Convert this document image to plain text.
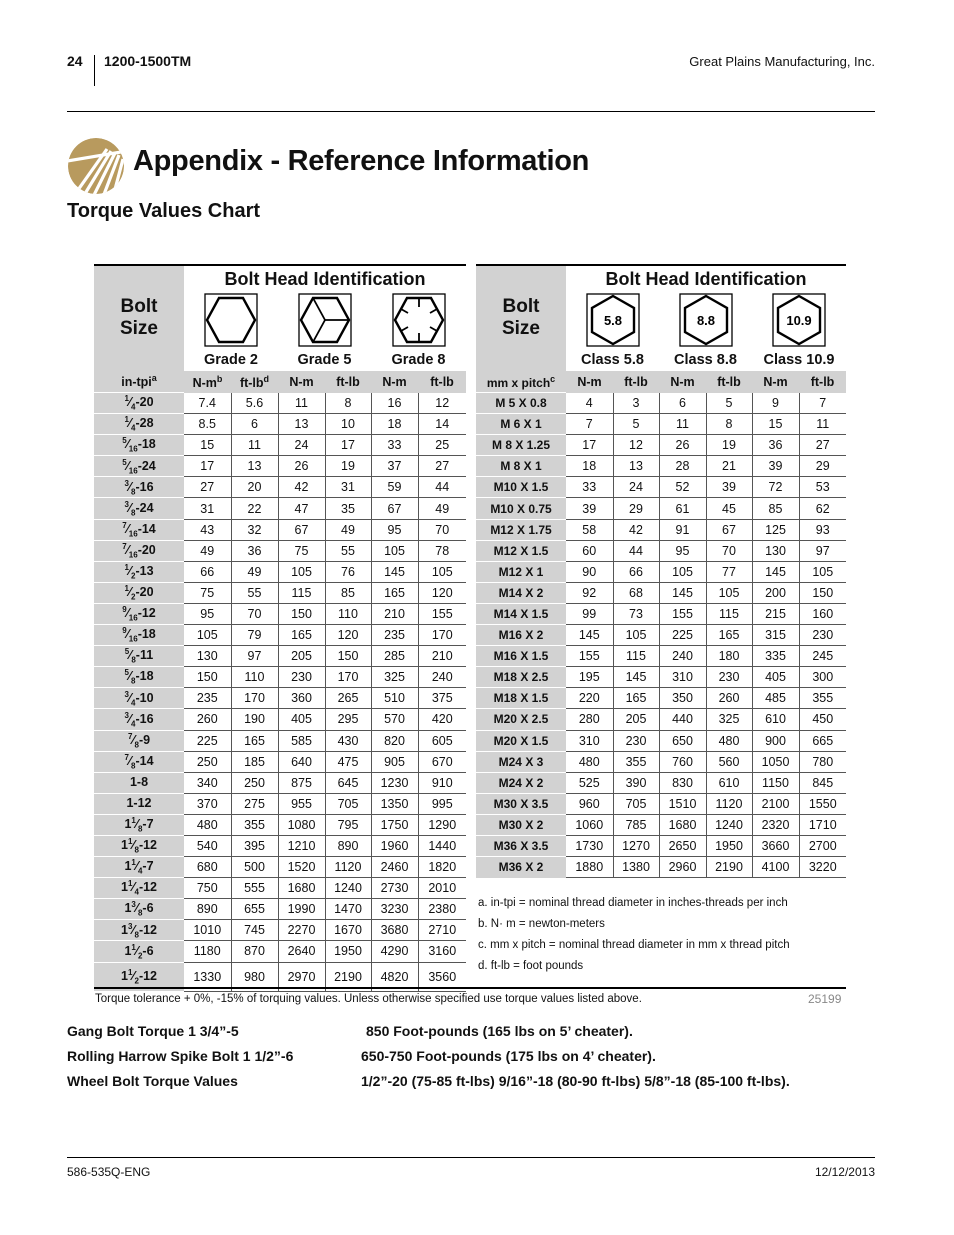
24 1200-1500TM	Great Plains Manufacturing, Inc.
Appendix - Reference Information
Torque Values Chart
Bolt Size	Bolt Head Identification					

	Grade 2		Grade 5		Grade 8	

in-tpi$^a$	N-m$^b$	ft-lb$^d$	N-m	ft-lb	N-m	ft-lb
$^1⁄_4-20$	7.4	5.6	11	8	16	12
$^1⁄_4-28$	8.5	6	13	10	18	14
$^5⁄_{16}-18$	15	11	24	17	33	25
$^5⁄_{16}-24$	17	13	26	19	37	27
$^3⁄_8-16$	27	20	42	31	59	44
$^3⁄_8-24$	31	22	47	35	67	49
$^7⁄_{16}-14$	43	32	67	49	95	70
$^7⁄_{16}-20$	49	36	75	55	105	78
$^1⁄_2-13$	66	49	105	76	145	105
$^1⁄_2-20$	75	55	115	85	165	120
$^9⁄_{16}-12$	95	70	150	110	210	155
$^9⁄_{16}-18$	105	79	165	120	235	170
$^5⁄_8-11$	130	97	205	150	285	210
$^5⁄_8-18$	150	110	230	170	325	240
$^3⁄_4-10$	235	170	360	265	510	375
$^3⁄_4-16$	260	190	405	295	570	420
$^7⁄_8-9$	225	165	585	430	820	605
$^7⁄_8-14$	250	185	640	475	905	670
1-8	340	250	875	645	1230	910
1-12	370	275	955	705	1350	995
$1^1⁄_8-7$	480	355	1080	795	1750	1290
$1^1⁄_8-12$	540	395	1210	890	1960	1440
$1^1⁄_4-7$	680	500	1520	1120	2460	1820
$1^1⁄_4-12$	750	555	1680	1240	2730	2010
$1^3⁄_8-6$	890	655	1990	1470	3230	2380
$1^3⁄_8-12$	1010	745	2270	1670	3680	2710
$1^1⁄_2-6$	1180	870	2640	1950	4290	3160
$1^1⁄_2-12$	1330	980	2970	2190	4820	3560
Bolt Size	Bolt Head Identification					

5.8
Class 5.8		8.8
Class 8.8		10.9
Class 10.9	

mm x pitch$^c$	N-m	ft-lb	N-m	ft-lb	N-m	ft-lb
M 5 X 0.8	4	3	6	5	9	7
M 6 X 1	7	5	11	8	15	11
M 8 X 1.25	17	12	26	19	36	27
M 8 X 1	18	13	28	21	39	29
M10 X 1.5	33	24	52	39	72	53
M10 X 0.75	39	29	61	45	85	62
M12 X 1.75	58	42	91	67	125	93
M12 X 1.5	60	44	95	70	130	97
M12 X 1	90	66	105	77	145	105
M14 X 2	92	68	145	105	200	150
M14 X 1.5	99	73	155	115	215	160
M16 X 2	145	105	225	165	315	230
M16 X 1.5	155	115	240	180	335	245
M18 X 2.5	195	145	310	230	405	300
M18 X 1.5	220	165	350	260	485	355
M20 X 2.5	280	205	440	325	610	450
M20 X 1.5	310	230	650	480	900	665
M24 X 3	480	355	760	560	1050	780
M24 X 2	525	390	830	610	1150	845
M30 X 3.5	960	705	1510	1120	2100	1550
M30 X 2	1060	785	1680	1240	2320	1710
M36 X 3.5	1730	1270	2650	1950	3660	2700
M36 X 2	1880	1380	2960	2190	4100	3220
a. in-tpi = nominal thread diameter in inches-threads per inch
b. N· m = newton-meters
c. mm x pitch = nominal thread diameter in mm x thread pitch
d. ft-lb = foot pounds
Torque tolerance + 0%, -15% of torquing values. Unless otherwise specified use torque values listed above.	25199
Gang Bolt Torque 1 3/4”-5	850 Foot-pounds (165 lbs on 5’ cheater).
Rolling Harrow Spike Bolt 1 1/2”-6	650-750 Foot-pounds (175 lbs on 4’ cheater).
Wheel Bolt Torque Values	1/2”-20 (75-85 ft-lbs) 9/16”-18 (80-90 ft-lbs) 5/8”-18 (85-100 ft-lbs).
586-535Q-ENG	12/12/2013
